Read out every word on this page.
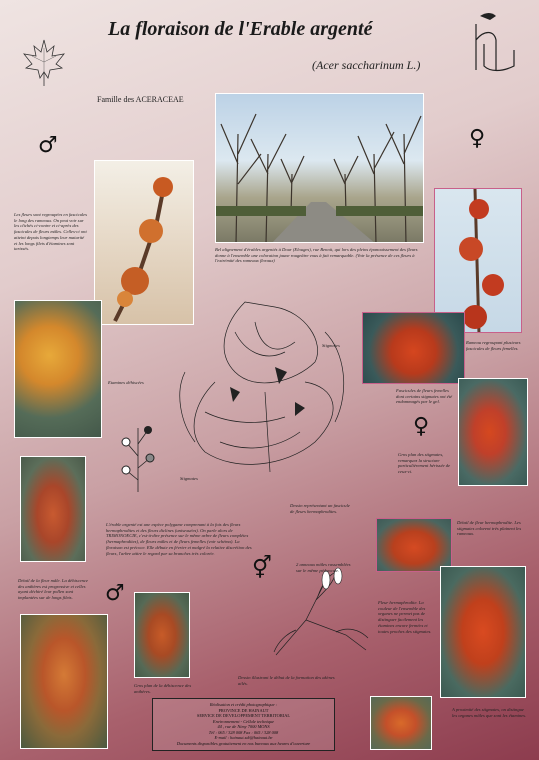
La floraison de l'Erable argenté
(Acer saccharinum L.)
Famille des ACERACEAE
♂	♀
♀
⚥
♂
Les fleurs sont regroupées en fascicules le long des rameaux. On peut voir sur les clichés ci-contre et ci-après des fascicules de fleurs mâles. Celles-ci ont atteint depuis longtemps leur maturité et les longs filets d'étamines sont tarissés.	Bel alignement d'érables argentés à Dour (Elouges), rue Benoit, qui lors des pleins épanouissement des fleurs donne à l'ensemble une coloration jaune rougeâtre vous à fait remarquable. (Voir la présence de ces fleurs à l'extrémité des rameaux floraux)
Rameau regroupant plusieurs fascicules de fleurs femelles.
Fascicules de fleurs femelles dont certains stigmates ont été endommagés par le gel.
Gros plan des stigmates, remarquez la structure particulièrement hérissée de ceux-ci.
Etamines déhiscées
Stigmates
Stigmates
Dessin représentant un fascicule de fleurs hermaphrodites.
L'érable argenté est une espèce polygame comprenant à la fois des fleurs hermaphrodites et des fleurs diclines (unisexuées). On parle alors de TRIMONOECIE, c'est-à-dire présence sur le même arbre de fleurs complètes (hermaphrodites), de fleurs mâles et de fleurs femelles (voir schéma). La floraison est précoce. Elle débute en février et malgré la relative discrétion des fleurs, l'arbre attire le regard par sa branches très colorée.
Détail de la fleur mâle. La déhiscence des anthères est progressive et celles ayant déchiré leur pollen sont implantées sur de longs filets.
Détail de fleur hermaphrodite. Les stigmates colorent très plainent les rameaux.
2 anneaux mâles rassemblées sur le même pédoncule.
Dessin illustrant le début de la formation des akènes ailés.
Fleur hermaphrodite. La couleur de l'ensemble des organes ne permet pas de distinguer facilement les étamines encore fermées et toutes proches des stigmates.
Gros plan de la déhiscence des anthères.
A proximité des stigmates, on distingue les organes mâles que sont les étamines.
Réalisation et crédit photographique :
PROVINCE DE HAINAUT
SERVICE DE DEVELOPPEMENT TERRITORIAL
Environnement - Cellule technique
44 , rue de Nimy 7000 MONS
Tél : 065 / 328 008 Fax : 065 / 328 008
E-mail : hainaut.sdt@hainaut.be
Documents disponibles gratuitement en nos bureaux aux heures d'ouverture
